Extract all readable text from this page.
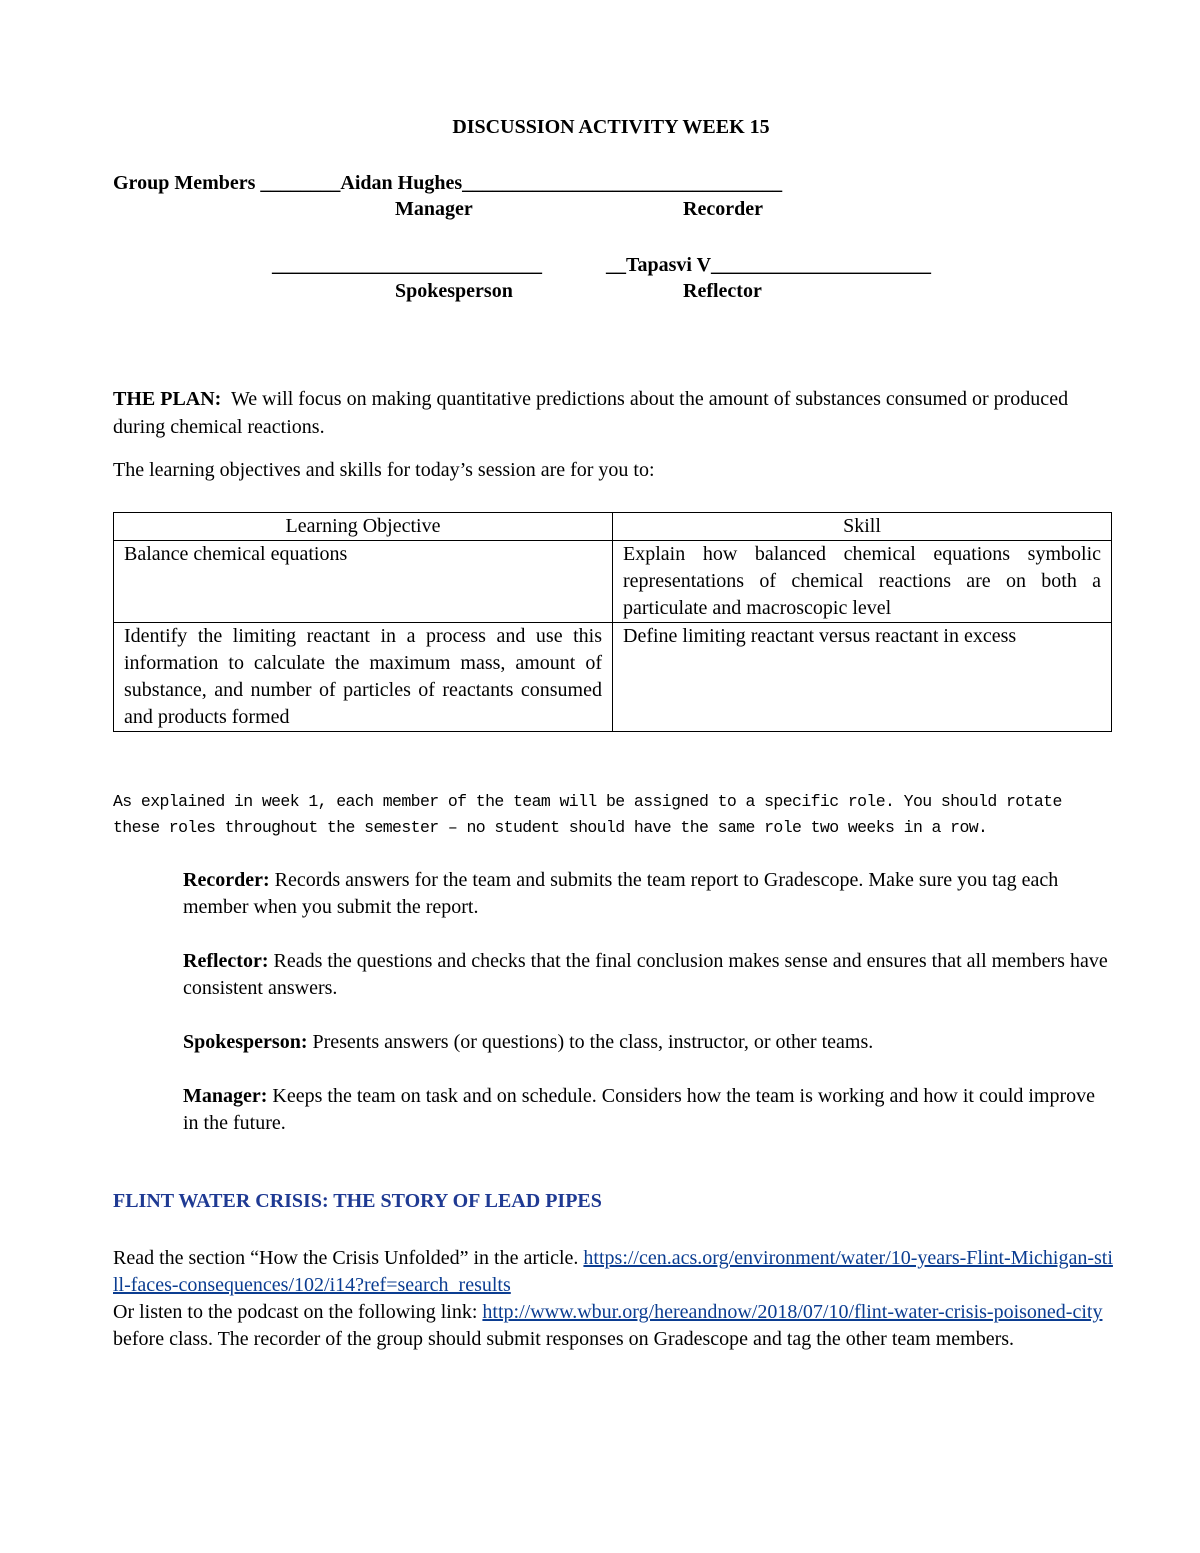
DISCUSSION ACTIVITY WEEK 15
Group Members ________Aidan Hughes________________________________
Manager	Recorder
___________________________	__Tapasvi V______________________
Spokesperson	Reflector
THE PLAN: We will focus on making quantitative predictions about the amount of substances consumed or produced during chemical reactions.
The learning objectives and skills for today’s session are for you to:
Learning Objective	Skill
Balance chemical equations	Explain how balanced chemical equations symbolic representations of chemical reactions are on both a particulate and macroscopic level
Identify the limiting reactant in a process and use this information to calculate the maximum mass, amount of substance, and number of particles of reactants consumed and products formed	Define limiting reactant versus reactant in excess
As explained in week 1, each member of the team will be assigned to a specific role. You should rotate these roles throughout the semester – no student should have the same role two weeks in a row.
Recorder: Records answers for the team and submits the team report to Gradescope. Make sure you tag each member when you submit the report.
Reflector: Reads the questions and checks that the final conclusion makes sense and ensures that all members have consistent answers.
Spokesperson: Presents answers (or questions) to the class, instructor, or other teams.
Manager: Keeps the team on task and on schedule. Considers how the team is working and how it could improve in the future.
FLINT WATER CRISIS: THE STORY OF LEAD PIPES
Read the section “How the Crisis Unfolded” in the article. https://cen.acs.org/environment/water/10-years-Flint-Michigan-still-faces-consequences/102/i14?ref=search_results
Or listen to the podcast on the following link: http://www.wbur.org/hereandnow/2018/07/10/flint-water-crisis-poisoned-city before class. The recorder of the group should submit responses on Gradescope and tag the other team members.
